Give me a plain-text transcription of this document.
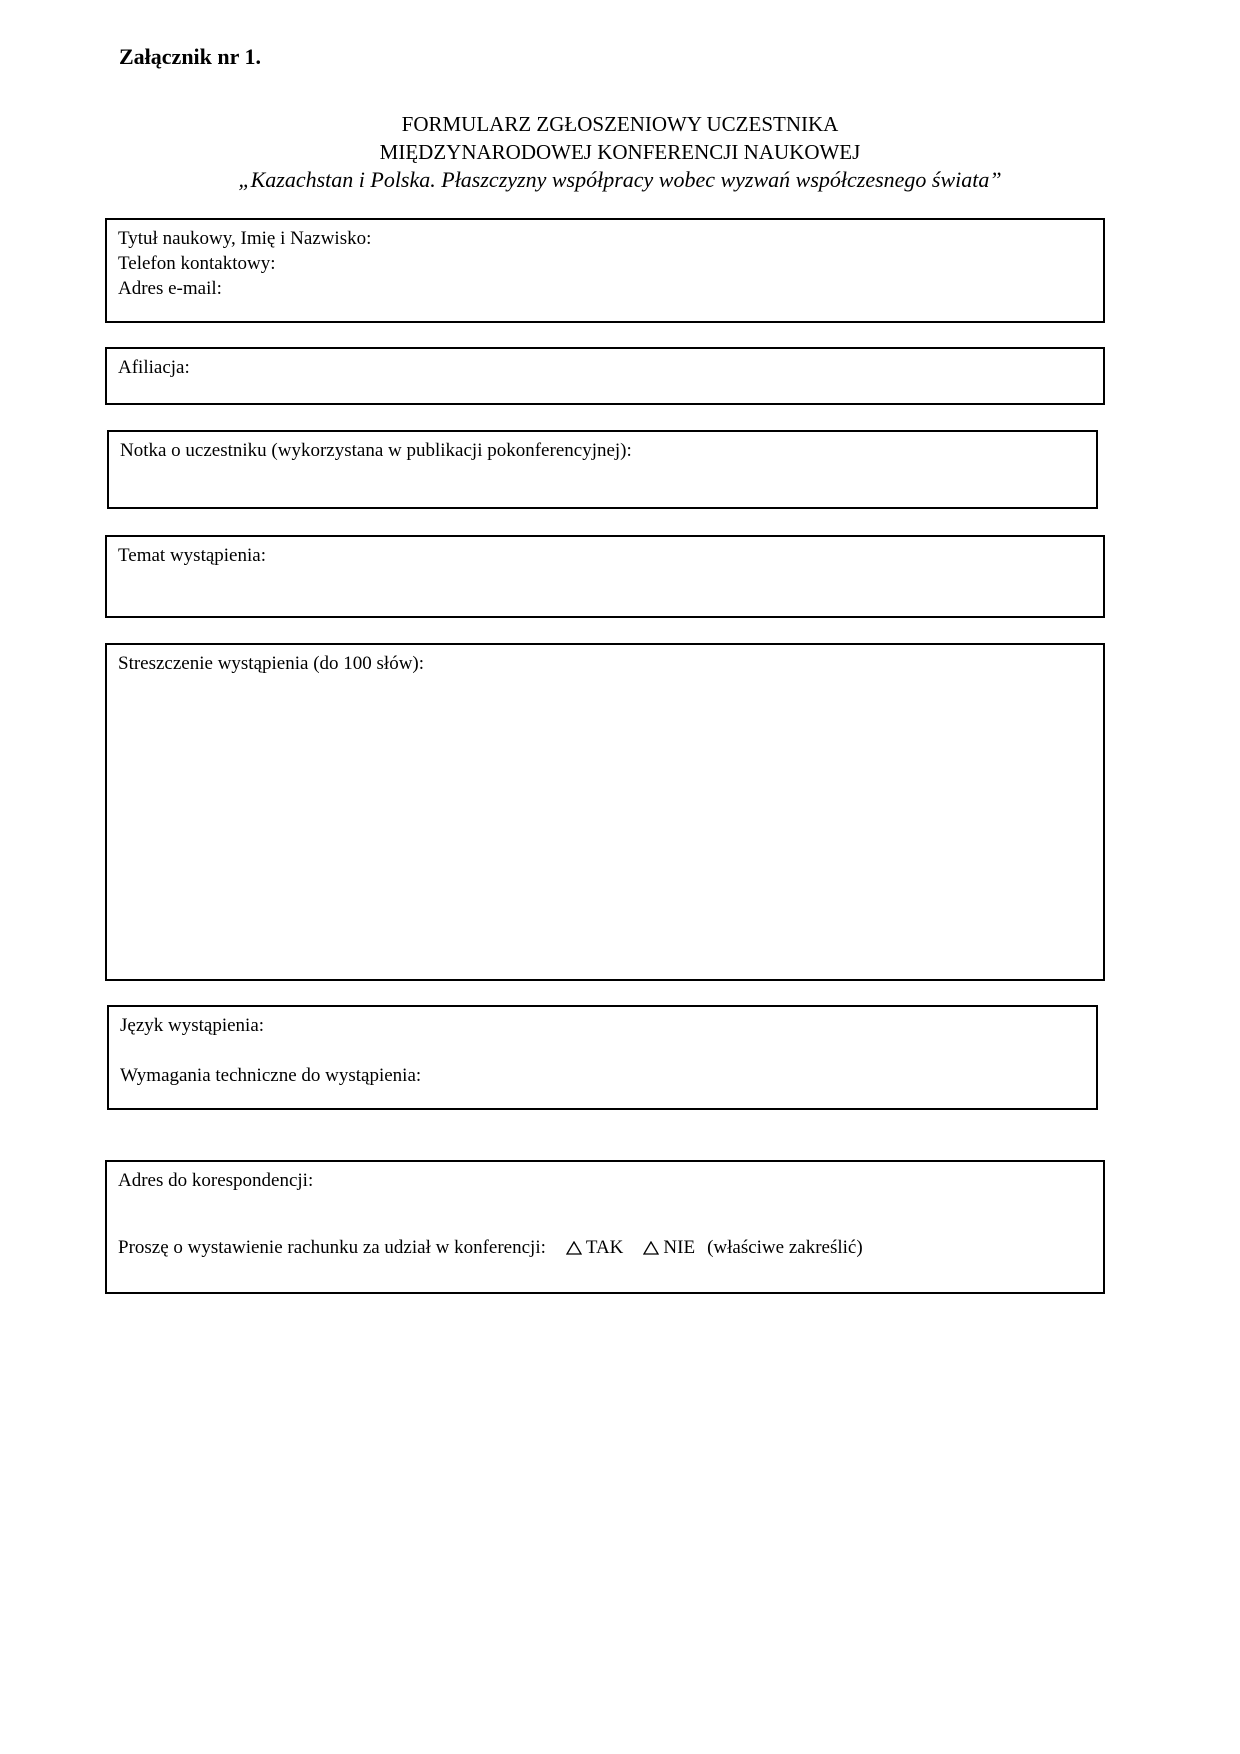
Załącznik nr 1.
FORMULARZ ZGŁOSZENIOWY UCZESTNIKA
MIĘDZYNARODOWEJ KONFERENCJI NAUKOWEJ
„Kazachstan i Polska. Płaszczyzny współpracy wobec wyzwań współczesnego świata”
Tytuł naukowy, Imię i Nazwisko:
Telefon kontaktowy:
Adres e-mail:
Afiliacja:
Notka o uczestniku (wykorzystana w publikacji pokonferencyjnej):
Temat wystąpienia:
Streszczenie wystąpienia (do 100 słów):
Język wystąpienia:
Wymagania techniczne do wystąpienia:
Adres do korespondencji:
Proszę o wystawienie rachunku za udział w konferencji: TAK NIE (właściwe zakreślić)
